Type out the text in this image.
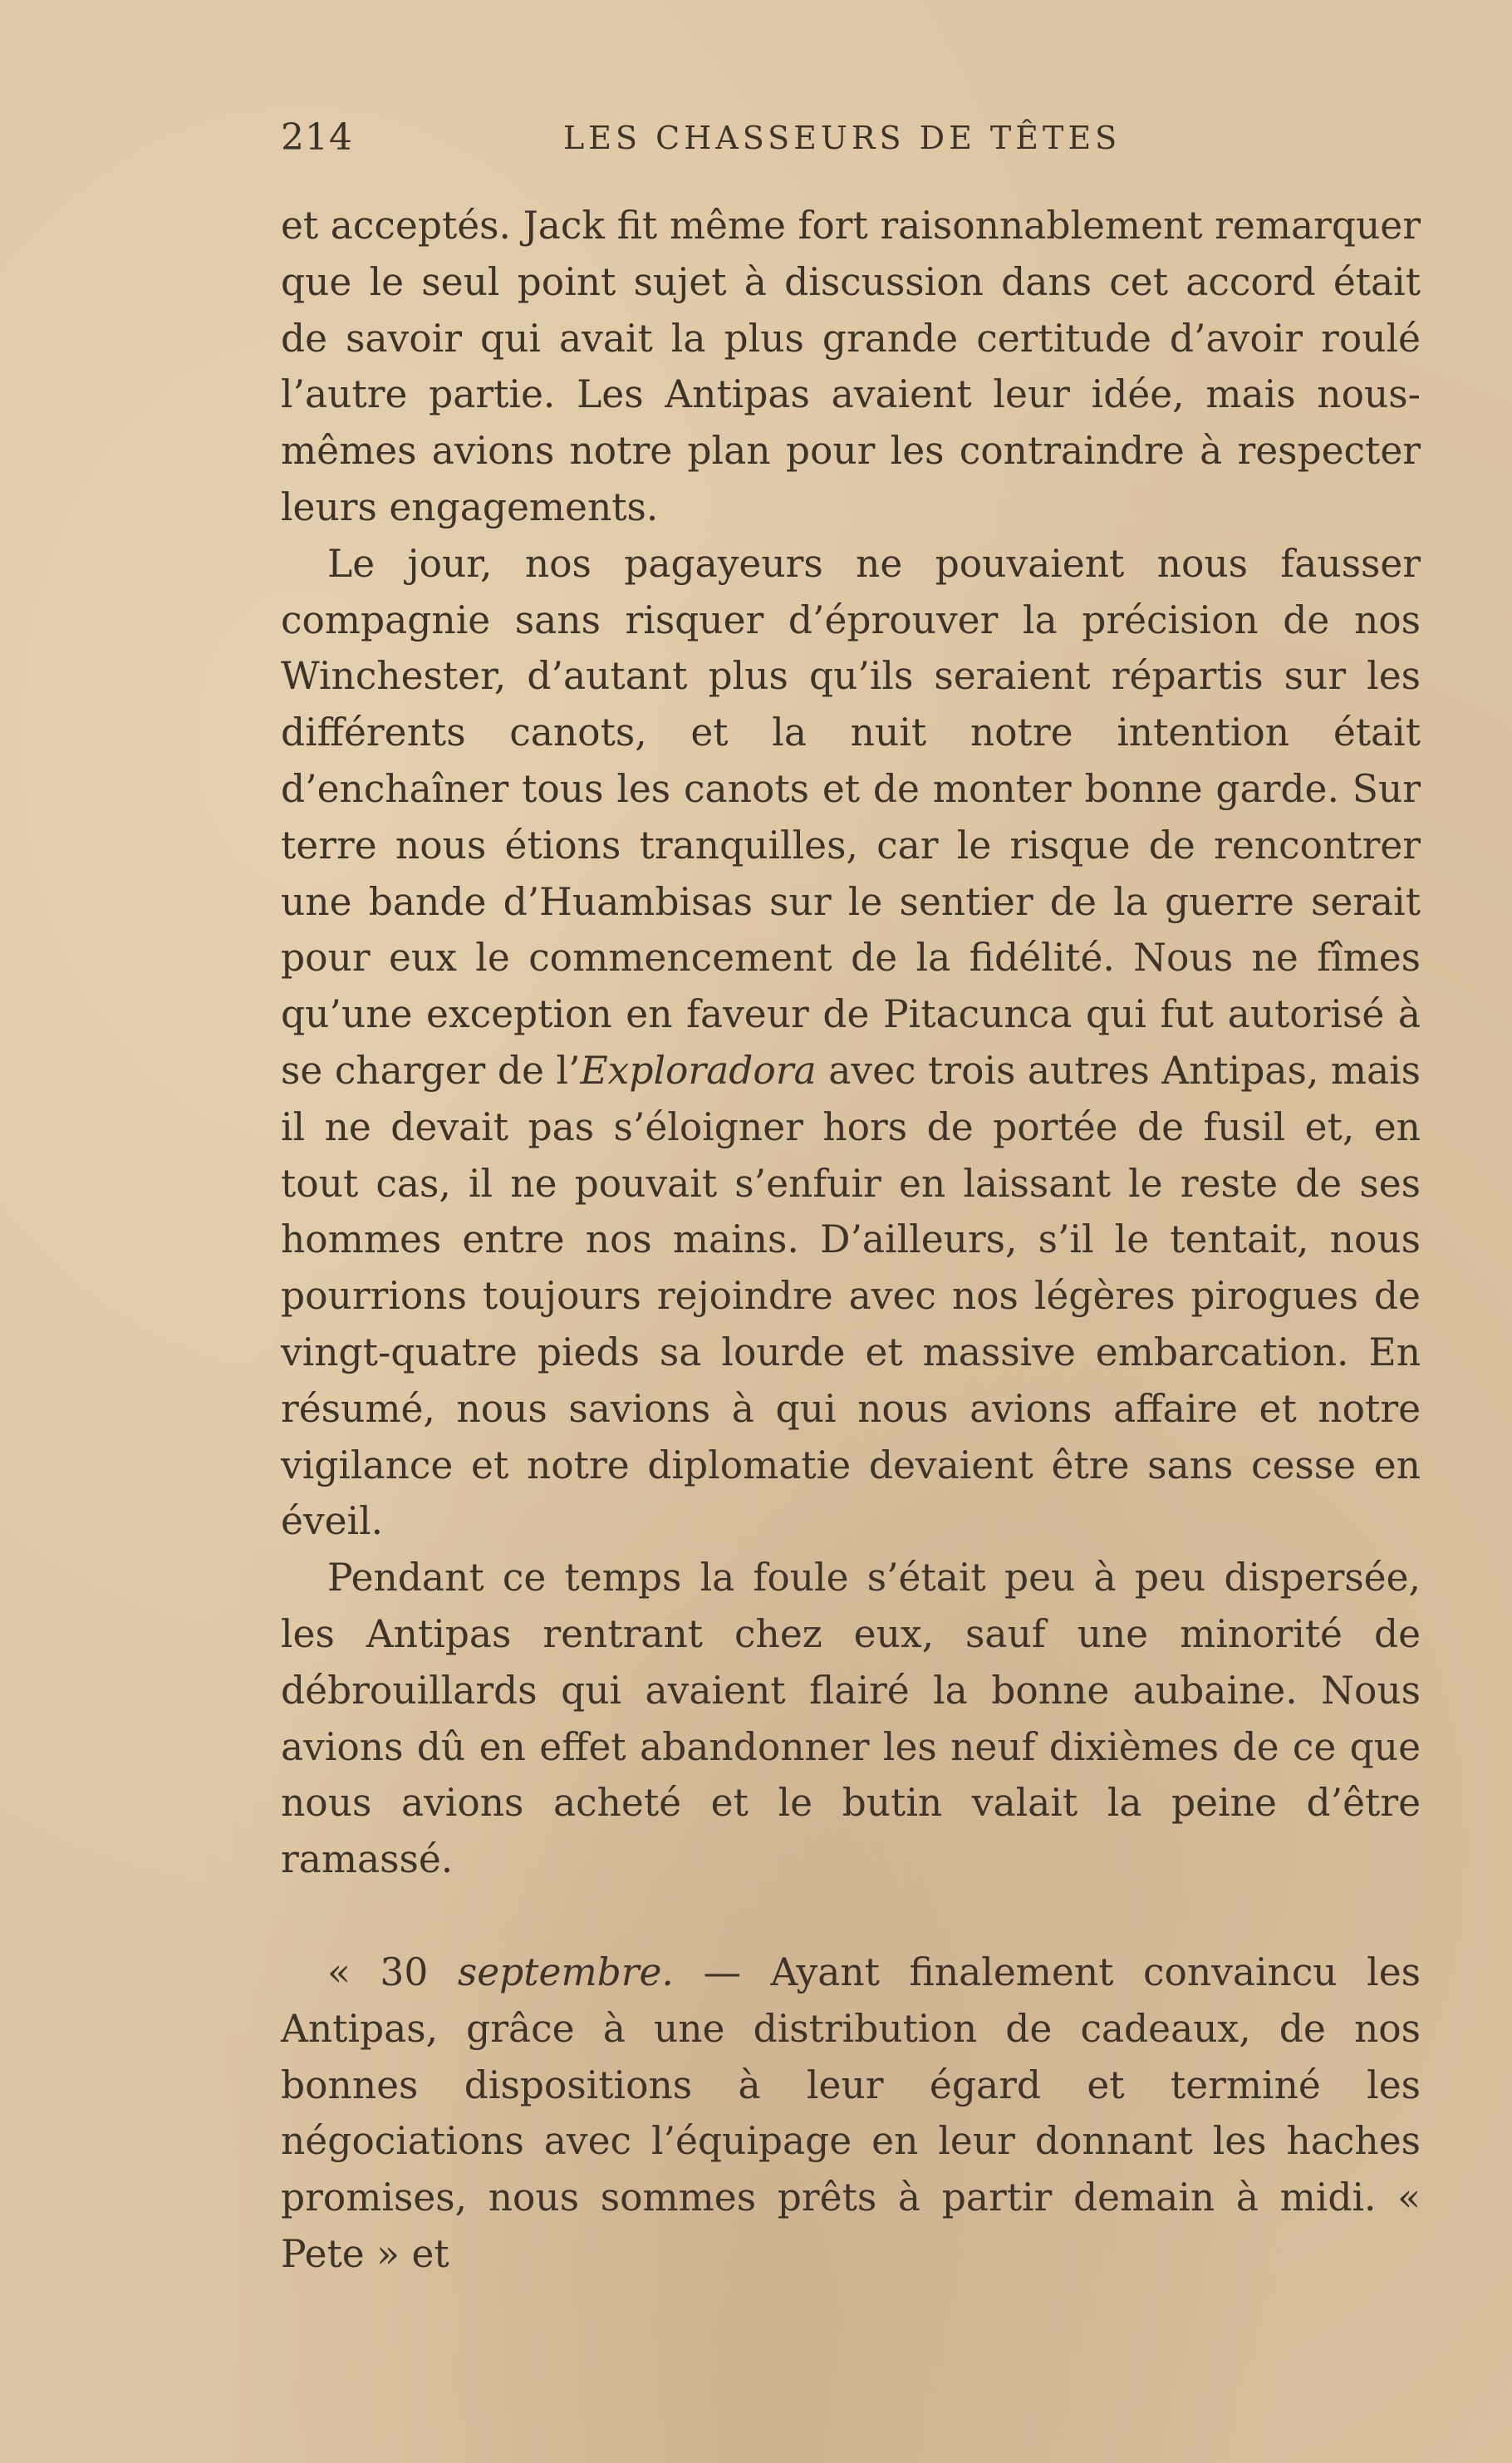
214	LES CHASSEURS DE TÊTES

et acceptés. Jack fit même fort raisonnablement remarquer que le seul point sujet à discussion dans cet accord était de savoir qui avait la plus grande certitude d’avoir roulé l’autre partie. Les Antipas avaient leur idée, mais nous-mêmes avions notre plan pour les contraindre à respecter leurs engagements.

Le jour, nos pagayeurs ne pouvaient nous fausser compagnie sans risquer d’éprouver la précision de nos Winchester, d’autant plus qu’ils seraient répartis sur les différents canots, et la nuit notre intention était d’enchaîner tous les canots et de monter bonne garde. Sur terre nous étions tranquilles, car le risque de rencontrer une bande d’Huambisas sur le sentier de la guerre serait pour eux le commencement de la fidélité. Nous ne fîmes qu’une exception en faveur de Pitacunca qui fut autorisé à se charger de l’Exploradora avec trois autres Antipas, mais il ne devait pas s’éloigner hors de portée de fusil et, en tout cas, il ne pouvait s’enfuir en laissant le reste de ses hommes entre nos mains. D’ailleurs, s’il le tentait, nous pourrions toujours rejoindre avec nos légères pirogues de vingt-quatre pieds sa lourde et massive embarcation. En résumé, nous savions à qui nous avions affaire et notre vigilance et notre diplomatie devaient être sans cesse en éveil.

Pendant ce temps la foule s’était peu à peu dispersée, les Antipas rentrant chez eux, sauf une minorité de débrouillards qui avaient flairé la bonne aubaine. Nous avions dû en effet abandonner les neuf dixièmes de ce que nous avions acheté et le butin valait la peine d’être ramassé.

« 30 septembre. — Ayant finalement convaincu les Antipas, grâce à une distribution de cadeaux, de nos bonnes dispositions à leur égard et terminé les négociations avec l’équipage en leur donnant les haches promises, nous sommes prêts à partir demain à midi. « Pete » et
